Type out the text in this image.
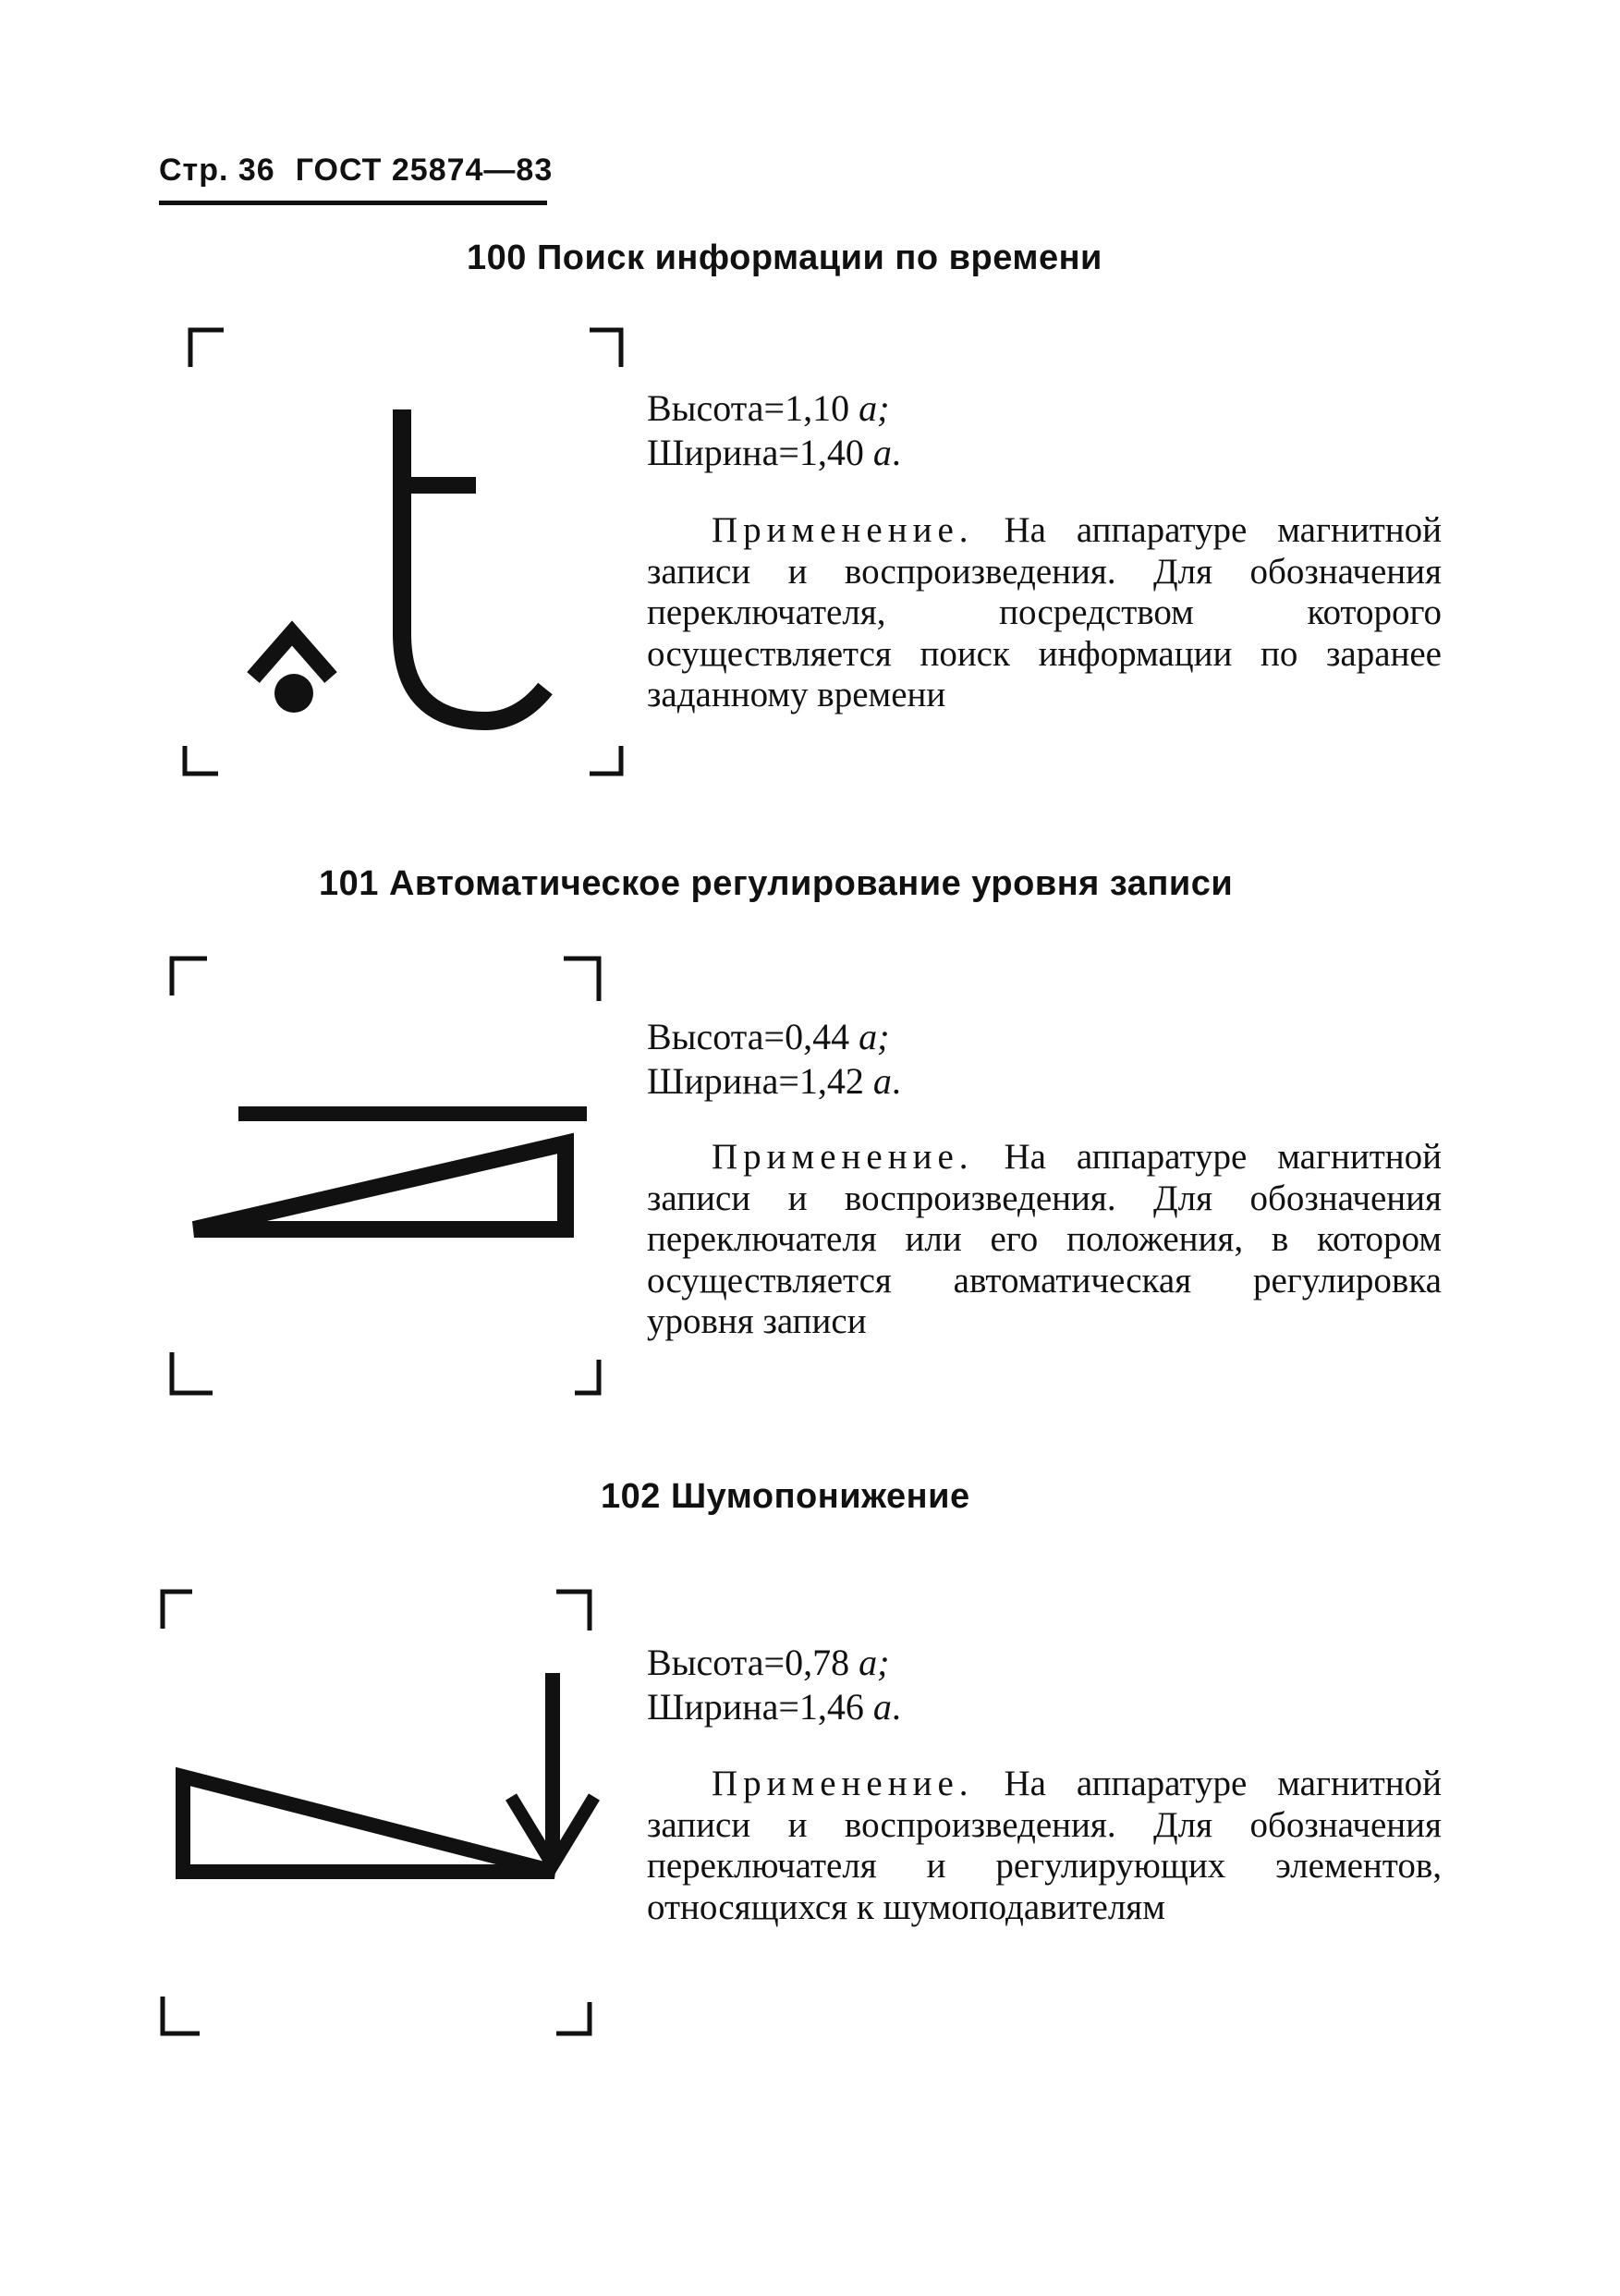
Стр. 36 ГОСТ 25874—83
100 Поиск информации по времени
Высота=1,10 а;
Ширина=1,40 а.

Применение. На аппаратуре магнитной записи и воспроизведения. Для обозначения переключателя, посредством которого осуществляется поиск информации по заранее заданному времени

101 Автоматическое регулирование уровня записи
Высота=0,44 а;
Ширина=1,42 а.

Применение. На аппаратуре магнитной записи и воспроизведения. Для обозначения переключателя или его положения, в котором осуществляется автоматическая регулировка уровня записи

102 Шумопонижение
Высота=0,78 а;
Ширина=1,46 а.

Применение. На аппаратуре магнитной записи и воспроизведения. Для обозначения переключателя и регулирующих элементов, относящихся к шумоподавителям
